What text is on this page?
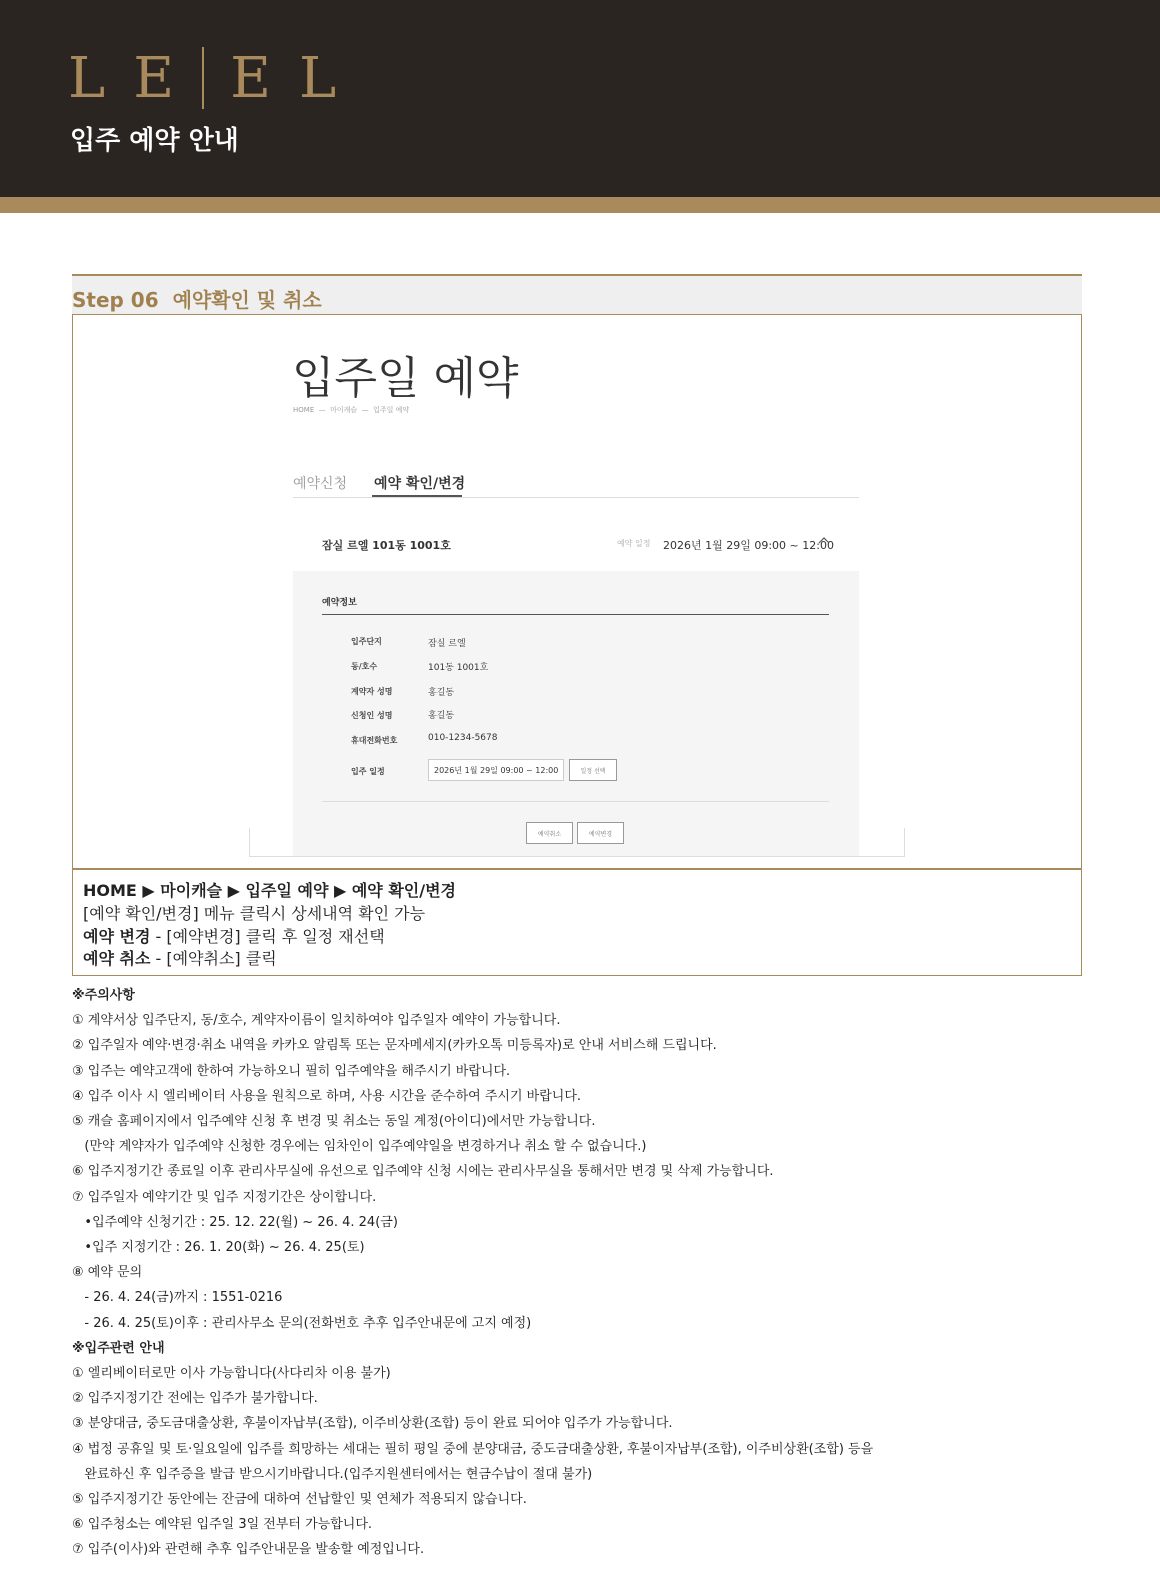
LE EL
입주 예약 안내
Step 06  예약확인 및 취소
입주일 예약
HOME  —  마이캐슬  —  입주일 예약
예약신청 예약 확인/변경
잠실 르엘 101동 1001호	예약 일정 2026년 1월 29일 09:00 ~ 12:00
예약정보
입주단지	잠실 르엘
동/호수	101동 1001호
계약자 성명	홍길동
신청인 성명	홍길동
휴대전화번호	010-1234-5678
입주 일정	2026년 1월 29일 09:00 ~ 12:00	일정 선택
예약취소	예약변경
HOME ▶ 마이캐슬 ▶ 입주일 예약 ▶ 예약 확인/변경
[예약 확인/변경] 메뉴 클릭시 상세내역 확인 가능
예약 변경 - [예약변경] 클릭 후 일정 재선택
예약 취소 - [예약취소] 클릭
※주의사항
① 계약서상 입주단지, 동/호수, 계약자이름이 일치하여야 입주일자 예약이 가능합니다.
② 입주일자 예약·변경·취소 내역을 카카오 알림톡 또는 문자메세지(카카오톡 미등록자)로 안내 서비스해 드립니다.
③ 입주는 예약고객에 한하여 가능하오니 필히 입주예약을 해주시기 바랍니다.
④ 입주 이사 시 엘리베이터 사용을 원칙으로 하며, 사용 시간을 준수하여 주시기 바랍니다.
⑤ 캐슬 홈페이지에서 입주예약 신청 후 변경 및 취소는 동일 계정(아이디)에서만 가능합니다.
(만약 계약자가 입주예약 신청한 경우에는 임차인이 입주예약일을 변경하거나 취소 할 수 없습니다.)
⑥ 입주지정기간 종료일 이후 관리사무실에 유선으로 입주예약 신청 시에는 관리사무실을 통해서만 변경 및 삭제 가능합니다.
⑦ 입주일자 예약기간 및 입주 지정기간은 상이합니다.
•입주예약 신청기간 : 25. 12. 22(월) ~ 26. 4. 24(금)
•입주 지정기간 : 26. 1. 20(화) ~ 26. 4. 25(토)
⑧ 예약 문의
- 26. 4. 24(금)까지 : 1551-0216
- 26. 4. 25(토)이후 : 관리사무소 문의(전화번호 추후 입주안내문에 고지 예정)
※입주관련 안내
① 엘리베이터로만 이사 가능합니다(사다리차 이용 불가)
② 입주지정기간 전에는 입주가 불가합니다.
③ 분양대금, 중도금대출상환, 후불이자납부(조합), 이주비상환(조합) 등이 완료 되어야 입주가 가능합니다.
④ 법정 공휴일 및 토·일요일에 입주를 희망하는 세대는 필히 평일 중에 분양대금, 중도금대출상환, 후불이자납부(조합), 이주비상환(조합) 등을
완료하신 후 입주증을 발급 받으시기바랍니다.(입주지원센터에서는 현금수납이 절대 불가)
⑤ 입주지정기간 동안에는 잔금에 대하여 선납할인 및 연체가 적용되지 않습니다.
⑥ 입주청소는 예약된 입주일 3일 전부터 가능합니다.
⑦ 입주(이사)와 관련해 추후 입주안내문을 발송할 예정입니다.
